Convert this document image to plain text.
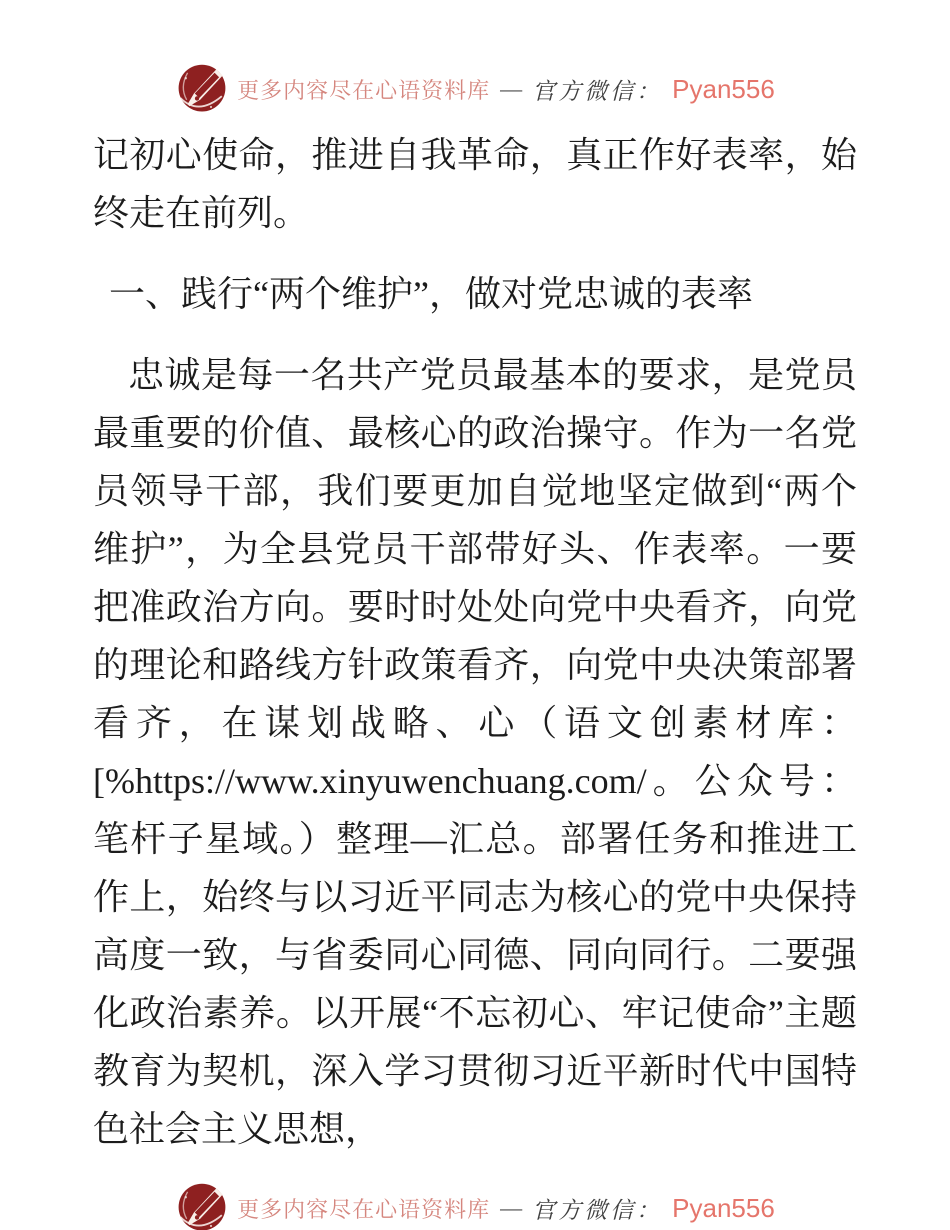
更多内容尽在心语资料库 — 官方微信： Pyan556

记初心使命，推进自我革命，真正作好表率，始终走在前列。

一、践行“两个维护”，做对党忠诚的表率

忠诚是每一名共产党员最基本的要求，是党员最重要的价值、最核心的政治操守。作为一名党员领导干部，我们要更加自觉地坚定做到“两个维护”，为全县党员干部带好头、作表率。一要把准政治方向。要时时处处向党中央看齐，向党的理论和路线方针政策看齐，向党中央决策部署看齐，在谋划战略、心（语文创素材库：[%https://www.xinyuwenchuang.com/。公众号：笔杆子星域。）整理—汇总。部署任务和推进工作上，始终与以习近平同志为核心的党中央保持高度一致，与省委同心同德、同向同行。二要强化政治素养。以开展“不忘初心、牢记使命”主题教育为契机，深入学习贯彻习近平新时代中国特色社会主义思想，

更多内容尽在心语资料库 — 官方微信： Pyan556
